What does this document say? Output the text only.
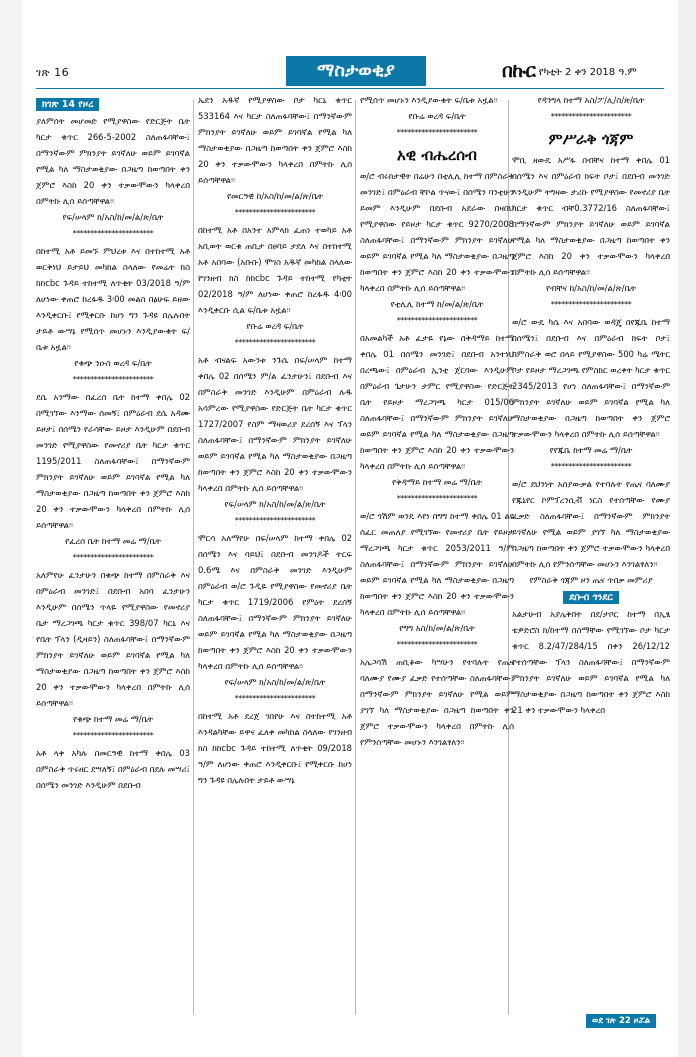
ገጽ 16	ማስታወቂያ	በኩር የካቲት 2 ቀን 2018 ዓ.ም
ክገጽ 14 የዞረ

ያለምሰት መሆመድ የሚያዋስው የድርጅት ቤት ካርታ ቁጥር 266-5-2002 ስለጠፋባቸው፤ በማንኛውም ምክንያት ይገኛለሁ ወይም ይገባኛል የሚል ካለ ማስታወቂያው በጋዜጣ ከወጣበት ቀን ጀምሮ እስከ 20 ቀን ተቃውሞውን ካላቀረበ በምትኩ ሊሰ ይሰጣቸዋል፡፡

የፍ/ሠላም ክ/አስ/ከ/መ/ል/ጽ/ቤት

***********************

በከተሚ አቶ ይመኙ ምህረቱ እና በተከተሚ አቶ ወርቅነህ ይታይህ መካከል ስላለው የመሬት ክስ ከከcbc ጉዳይ ተከተሚ ለጥቂት 03/2018 ዓ/ም ለሆነው ቀጠሮ ከረፋዱ 3፡00 መልስ በፅሁፍ ይዘው እንዲቀርቡ፤ የሚቀርቡ ከሆነ ግን ጉዳዩ በሌሉበት ታይቶ ውሣኔ የሚሰጥ መሆኑን እንዲያውቁት ፍ/ቤቱ አዟል፡፡

የቁጭ ንዑስ ወረዳ ፍ/ቤት

***********************

ደሴ አንማው በፈረሰ ቤት ከተማ ቀበሌ 02 በሚገኘው እንማው ሰመኝ፤ በምዕራብ ደሴ አዳሙ ይዞታ፤ በሰሜን የራሳቸው ይዞታ እንዲሁም በደቡብ መንገድ የሚያዋስው የመኖሪያ ቤት ካርታ ቁጥር 1195/2011 ስለጠፋባቸው፤ በማንኛውም ምክንያት ይገኛለሁ ወይም ይገባኛል የሚል ካለ ማስታወቂያው በጋዜጣ ከወጣበት ቀን ጀምሮ እስከ 20 ቀን ተቃውሞውን ካላቀረበ በምትኩ ሊሰ ይሰጣቸዋል፡፡

የፈረሰ ቤት ከተማ መሬ ማ/ቤት

***********************

አለምየሁ ፈንታሁን በቁጭ ከተማ በምስራቅ እና በምዕራብ መንገድ፤ በደቡብ አበባ ፈንታሁን እንዲሁም በሰሜን ጥላዬ የሚያዋስው የመኖሪያ ቤታ ማረጋገጫ ካርታ ቁጥር 398/07 ካርኒ እና የቤት ፕላን (ዲዛይን) ስለጠፋባቸው፤ በማንኛውም ምክንያት ይገኛለሁ ወይም ይገባኛል የሚል ካለ ማስታወቂያው በጋዜጣ ከወጣበት ቀን ጀምሮ እስከ 20 ቀን ተቃውሞውን ካላቀረበ በምትኩ ሊሰ ይሰጣቸዋል፡፡

የቁጭ ከተማ መሬ ማ/ቤት

***********************

አቶ ላቀ አካሉ በመርዓዊ ከተማ ቀበሌ 03 በምስራቅ ጥሩዘር ደሣለኝ፤ በምዕራብ በደሉ መሣሪ፤ በሰሜን መንገድ እንዲሁም በደቡብ

ኤደን አዱኛ የሚያዋስው ቦታ ካርኒ ቁጥር 533164 እና ካርታ ስለጠፋባቸው፤ በማንኛውም ምክንያት ይገኛለሁ ወይም ይገባኛል የሚል ካለ ማስታወቂያው በጋዜጣ ከወጣበት ቀን ጀምሮ እስከ 20 ቀን ተቃውሞውን ካላቀረበ በምትኩ ሊሰ ይሰጣቸዋል፡፡

የመርዓዊ ከ/አስ/ከ/መ/ል/ጽ/ቤት

***********************

በከተሚ አቶ በአንተ አምላክ ፈጠነ ተወካይ አቶ አቢወት ወርቁ ጠቢታ በፀባይ ታደለ እና በተከተሚ አቶ አበባው (አቡቡ) ሞገስ አዱኛ መካከል ስላለው የገንዘብ ክስ ከከcbc ጉዳይ ተከተሚ የካቲት 02/2018 ዓ/ም ለሆነው ቀጠሮ ከረፋዱ 4፡00 እንዲቀርቡ ሲል ፍ/ቤቱ አዟል፡፡

የቡሬ ወረዳ ፍ/ቤት

***********************

አቶ ብናልፍ አውንቱ ንጉሴ በፍ/ሠላም ከተማ ቀበሌ 02 በሰሜን ም/ል ፈንታሁን፤ በደቡብ እና በምስራቅ መንገድ እንዲሁም በምዕራብ ሉዱ አሳምረው የሚያዋስው የድርጅት ቤት ካርታ ቁጥር 1727/2007 የስም ማዛወሪያ ደረሰኝ እና ፕላን ስለጠፋባቸው፤ በማንኛውም ምክንያት ይገኛለሁ ወይም ይገባኛል የሚል ካለ ማስታወቂያው በጋዜጣ ከወጣበት ቀን ጀምሮ እስከ 20 ቀን ተቃውሞውን ካላቀረበ በምትኩ ሊሰ ይሰጣቸዋል፡፡

የፍ/ሠላም ክ/አስ/ከ/መ/ል/ጽ/ቤት

***********************

ሞርሳ አለማየሁ በፍ/ሠላም ከተማ ቀበሌ 02 በሰሜን እና ባይህ፤ በደቡብ መንገዶች ትርፍ 0.6ሜ እና በምስራቅ መንገድ እንዲሁም በምዕራብ ወ/ሮ ጉዲዬ የሚያዋስው የመኖሪያ ቤት ካርታ ቁጥር 1719/2006 የምዕት ደረሰኝ ስለጠፋባቸው፤ በማንኛውም ምክንያት ይገኛለሁ ወይም ይገባኛል የሚል ካለ ማስታወቂያው በጋዜጣ ከወጣበት ቀን ጀምሮ እስከ 20 ቀን ተቃውሞውን ካላቀረበ በምትኩ ሊሰ ይሰጣቸዋል፡፡

የፍ/ሠላም ክ/አስ/ከ/መ/ል/ጽ/ቤት

***********************

በከተሚ አቶ ደረጀ ገበየሁ እና በተከተሚ አቶ እንዳልካቸው ይዋና ፈለቀ መካከል ስላለው የገንዘብ ክስ ከከcbc ጉዳይ ተከተሚ ለጥቂት 09/2018 ዓ/ም ለሆነው ቀጠሮ እንዲቀርቡ፤ የሚቀርቡ ከሆነ ግን ጉዳዩ በሌሉበት ታይቶ ውሣኔ

የሚሰጥ መሆኑን እንዲያውቁት ፍ/ቤቱ አዟል፡፡

የቡሬ ወረዳ ፍ/ቤት

***********************
አዊ ብሔረሰብ

ወ/ሮ ብሩክታዊት በሬሁን በቲሊሊ ከተማ በምስራቅ መንገድ፤ በምዕራብ ቸኮል ጥናው፤ በሰሜን ባንቲሁን ይመም እንዲሁም በደቡብ አደራው በዛበህ የሚያዋስው የይዞታ ካርታ ቁጥር 9270/2008 ስለጠፋባቸው፤ በማንኛውም ምክንያት ይገኛለሁ ወይም ይገባኛል የሚል ካለ ማስታወቂያው በጋዜጣ ከወጣበት ቀን ጀምሮ እስከ 20 ቀን ተቃውሞውን ካላቀረበ በምትኩ ሊሰ ይሰጣቸዋል፡፡

የቲሊሊ ከተማ ከ/መ/ል/ጽ/ቤት

***********************

በአመልካች አቶ ፈታዬ የኔው በቅዳማይ ከተማ ቀበሌ 01 በሰሜን መንገድ፤ በደቡብ አንተነህ በረጫው፤ በምዕራብ ኢንቲ ጀርባው እንዲሁም በምዕራብ ጌታሁን ታምር የሚያዋስው የድርጅት ቤት የይዞታ ማረጋገጫ ካርታ 015/06 ስለጠፋባቸው፤ በማንኛውም ምክንያት ይገኛለሁ ወይም ይገባኛል የሚል ካለ ማስታወቂያው በጋዜጣ ከወጣበት ቀን ጀምሮ እስከ 20 ቀን ተቃውሞውን ካላቀረበ በምትኩ ሊሰ ይሰጣቸዋል፡፡

የቅዳማይ ከተማ መሬ ማ/ቤት

***********************

ወ/ሮ ጎሽም ወንዴ እየነ በግግ ከተማ ቀበሌ 01 ልዩ ሰፈር መጠለያ የሚገኘው የመኖሪያ ቤት የይዞታ ማረጋገጫ ካርታ ቁጥር 2053/2011 ዓ/ም ስለጠፋባቸው፤ በማንኛውም ምክንያት ይገኛለሁ ወይም ይገባኛል የሚል ካለ ማስታወቂያው በጋዜጣ ከወጣበት ቀን ጀምሮ እስከ 20 ቀን ተቃውሞውን ካላቀረበ በምትኩ ሊሰ ይሰጣቸዋል፡፡

የግግ አስ/ከ/መ/ል/ጽ/ቤት

***********************

አሌጋሳሽ ጠቢቆው ካሣሁን የተባሉት የጤና ባለሙያ የሙያ ፈቃድ የተሰጣቸው ስለጠፋባቸው፤ በማንኛውም ምክንያት ይገኛለሁ የሚል ወይም ያገኘ ካለ ማስታወቂያው በጋዜጣ ከወጣበት ቀን ጀምሮ ተቃውሞውን ካላቀረበ በምትኩ ሊሰ የምንሰጣቸው መሆኑን እንገልፃለን፡፡

የዳንግላ ከተማ አስ/ፖ/ሊ/ስ/ጽ/ቤት

***********************
ምሥራቅ ጎጃም

ሞቢ ዘውዴ አሥፋ በብቸና ከተማ ቀበሌ 01 በሰሜን እና በምዕራብ ክፍት ቦታ፤ በደቡብ መንገድ እንዲሁም ትግዛው ታሪኩ የሚያዋስው የመኖሪያ ቤት ካርታ ቁጥር ብቸ0.3772/16 ስለጠፋባቸው፤ በማንኛውም ምክንያት ይገኛለሁ ወይም ይገባኛል የሚል ካለ ማስታወቂያው በጋዜጣ ከወጣበት ቀን ጀምሮ እስከ 20 ቀን ተቃውሞውን ካላቀረበ በምትኩ ሊሰ ይሰጣቸዋል፡፡

የብቸና ከ/አስ/ከ/መ/ል/ጽ/ቤት

***********************

ወ/ሮ ውዴ ካሴ እና አበባው ወዳጄ በየጁቤ ከተማ በሰሜን፤ በደቡብ እና በምዕራብ ክፍት ቦታ፤ በምስራቅ ወሮ በላይ የሚያዋስው 500 ካሬ ሜትር ቦታ የይዞታ ማረጋገጫ የምስክር ወረቀት ካርታ ቁጥር 2345/2013 የሆነ ስለጠፋባቸው፤ በማንኛውም ምክንያት ይገኛለሁ ወይም ይገባኛል የሚል ካለ ማስታወቂያው በጋዜጣ ከወጣበት ቀን ጀምሮ ተቃውሞውን ካላቀረበ በምትኩ ሊሰ ይሰጣቸዋል፡፡

የየጁቤ ከተማ መሬ ማ/ቤት

***********************

ወ/ሮ ደህንነት አሰያውቃል የተባሉት የጤና ባለሙያ የጁኒየር ኮምፕረንሲቭ ነርስ የተሰጣቸው የሙያ ፈቃድ ስለጠፋባቸው፤ በማንኛውም ምክንያት ይገኛለሁ የሚል ወይም ያገኘ ካለ ማስታወቂያው በጋዜጣ ከወጣበት ቀን ጀምሮ ተቃውሞውን ካላቀረበ በምትኩ ሊሰ የምንሰጣቸው መሆኑን እንገልፃለን፡፡

የምስራቅ ጎጃም ዞን ጤና ጥበቃ መምሪያ

ደቡብ ጎንደር

አልታሁብ አያሌቅበት በደ/ታቦር ከተማ በኢፄ ቴዎድሮስ ክ/ከተማ በስማቸው የሚገኘው ቦታ ካርታ ቁጥር 8.2/47/284/15 በቀን 26/12/12 የተሰጣቸው ፕላን ስለጠፋባቸው፤ በማንኛውም ምክንያት ይገኛለሁ ወይም ይገባኛል የሚል ካለ ማስታወቂያው በጋዜጣ ከወጣበት ቀን ጀምሮ እስከ 21 ቀን ተቃውሞውን ካላቀረበ

ወደ ገጽ 22 ዞሯል
